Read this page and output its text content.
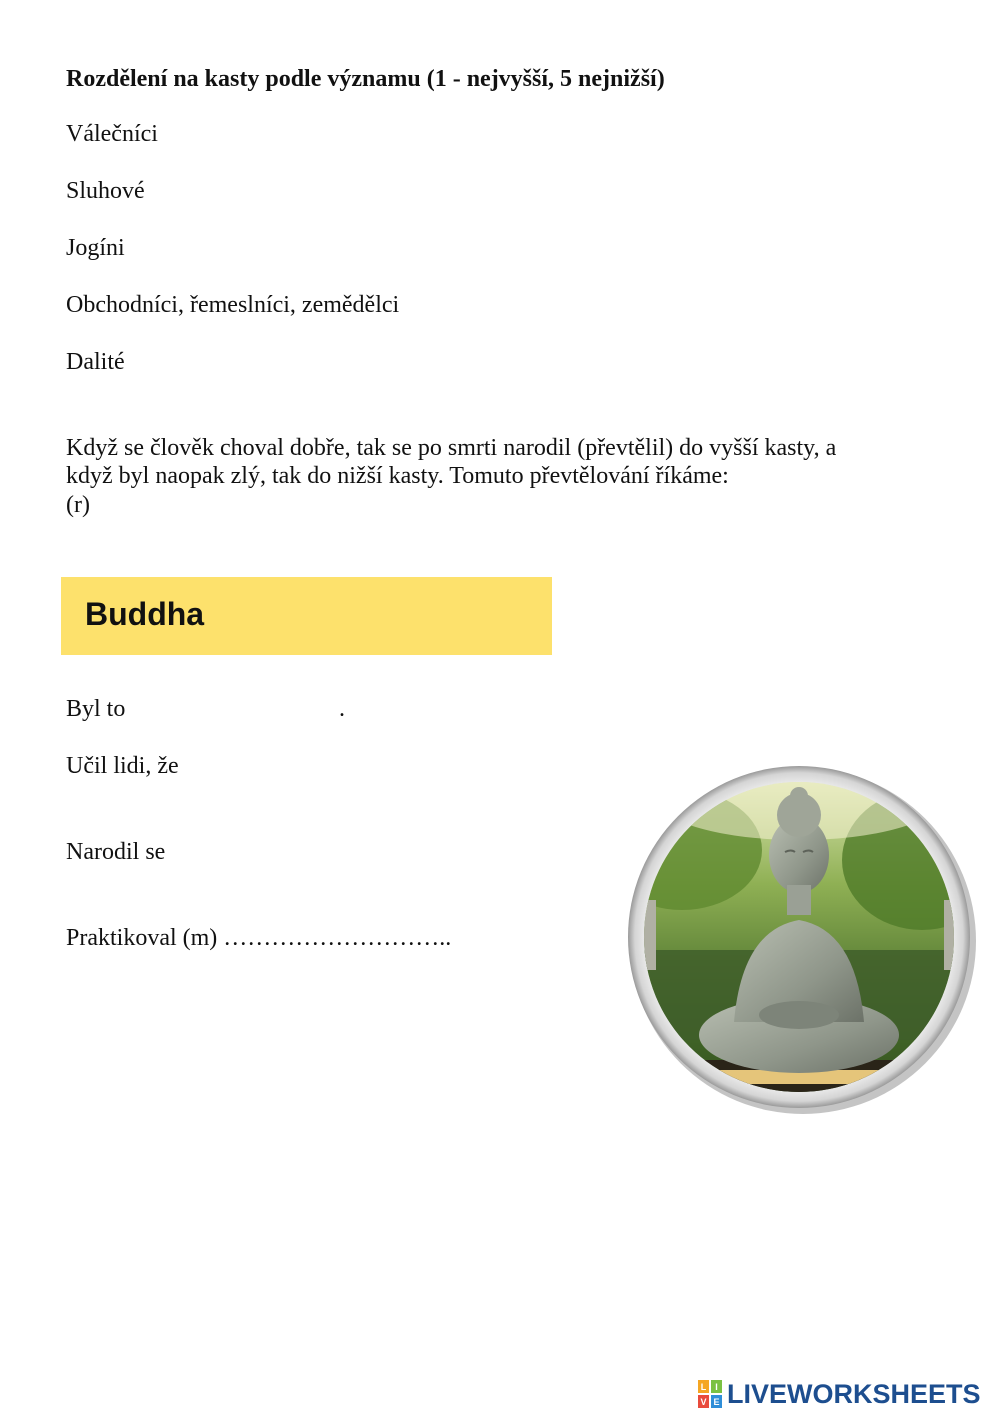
Rozdělení na kasty podle významu (1 - nejvyšší, 5 nejnižší)
Válečníci
Sluhové
Jogíni
Obchodníci, řemeslníci, zemědělci
Dalité
Když se člověk choval dobře, tak se po smrti narodil (převtělil) do vyšší kasty, a
když byl naopak zlý, tak do nižší kasty. Tomuto převtělování říkáme:
(r)
Buddha
Byl to	.
Učil lidi, že
Narodil se
Praktikoval (m) ………………………..
L I
V E LIVEWORKSHEETS
